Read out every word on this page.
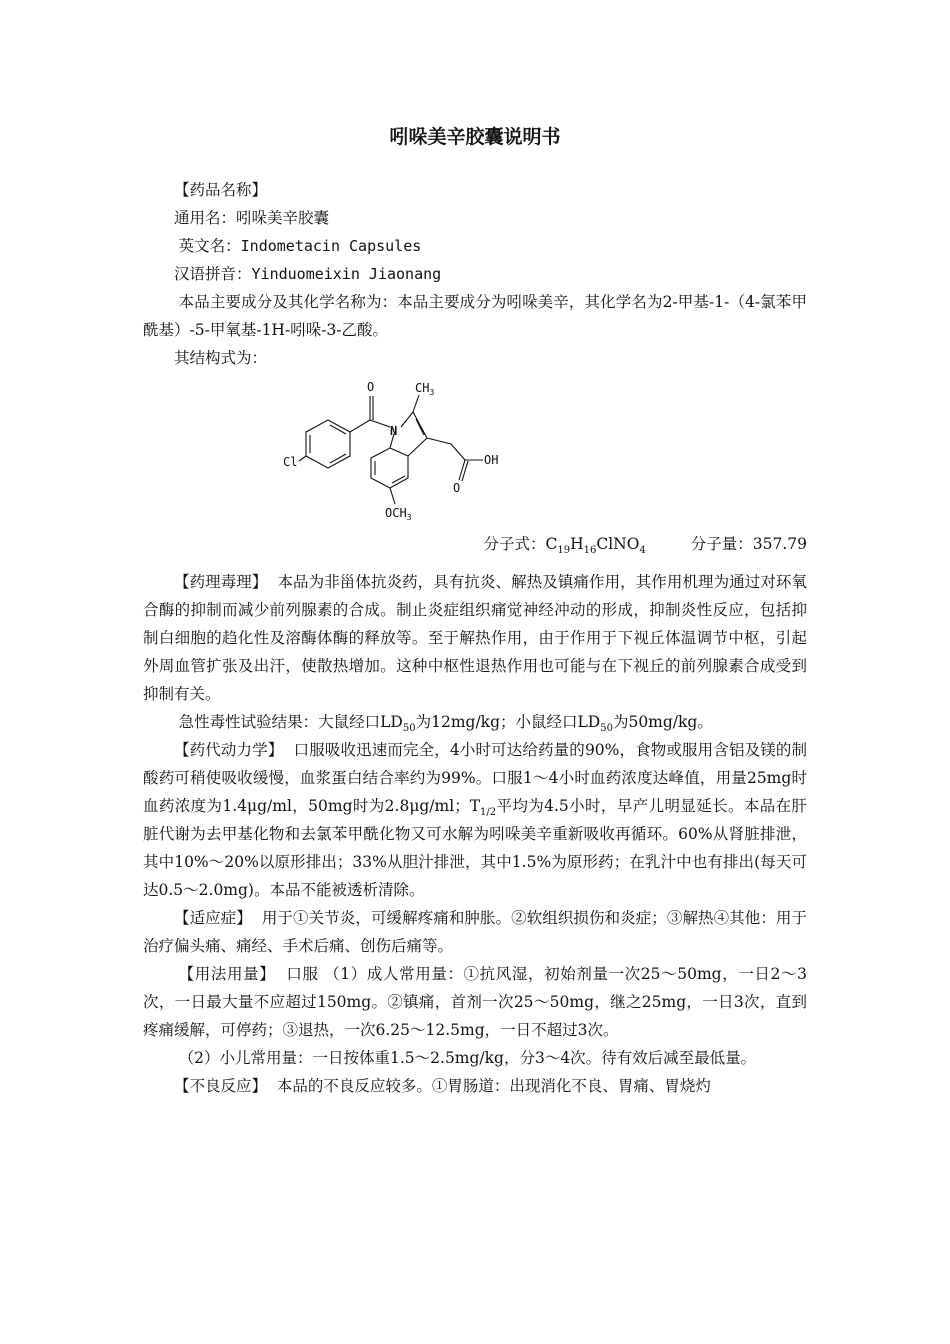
吲哚美辛胶囊说明书

【药品名称】

通用名：吲哚美辛胶囊

英文名：Indometacin Capsules

汉语拼音：Yinduomeixin Jiaonang

本品主要成分及其化学名称为：本品主要成分为吲哚美辛，其化学名为2-甲基-1-（4-氯苯甲酰基）-5-甲氧基-1H-吲哚-3-乙酸。

其结构式为：

O	$CH_3$
N
Cl	OH
O
$OCH_3$

分子式：$C_{19}H_{16}ClNO_4$	分子量：357.79

【药理毒理】 本品为非甾体抗炎药，具有抗炎、解热及镇痛作用，其作用机理为通过对环氧合酶的抑制而减少前列腺素的合成。制止炎症组织痛觉神经冲动的形成，抑制炎性反应，包括抑制白细胞的趋化性及溶酶体酶的释放等。至于解热作用，由于作用于下视丘体温调节中枢，引起外周血管扩张及出汗，使散热增加。这种中枢性退热作用也可能与在下视丘的前列腺素合成受到抑制有关。

急性毒性试验结果：大鼠经口$LD_{50}$为12mg/kg；小鼠经口$LD_{50}$为50mg/kg。

【药代动力学】 口服吸收迅速而完全，4小时可达给药量的90%，食物或服用含铝及镁的制酸药可稍使吸收缓慢，血浆蛋白结合率约为99%。口服1～4小时血药浓度达峰值，用量25mg时血药浓度为1.4μg/ml，50mg时为2.8μg/ml；$T_{1/2}$平均为4.5小时，早产儿明显延长。本品在肝脏代谢为去甲基化物和去氯苯甲酰化物又可水解为吲哚美辛重新吸收再循环。60%从肾脏排泄，其中10%～20%以原形排出；33%从胆汁排泄，其中1.5%为原形药；在乳汁中也有排出(每天可达0.5～2.0mg)。本品不能被透析清除。

【适应症】 用于①关节炎，可缓解疼痛和肿胀。②软组织损伤和炎症；③解热④其他：用于治疗偏头痛、痛经、手术后痛、创伤后痛等。

【用法用量】 口服 （1）成人常用量：①抗风湿，初始剂量一次25～50mg，一日2～3次，一日最大量不应超过150mg。②镇痛，首剂一次25～50mg，继之25mg，一日3次，直到疼痛缓解，可停药；③退热，一次6.25～12.5mg，一日不超过3次。

（2）小儿常用量：一日按体重1.5～2.5mg/kg，分3～4次。待有效后减至最低量。

【不良反应】 本品的不良反应较多。①胃肠道：出现消化不良、胃痛、胃烧灼
